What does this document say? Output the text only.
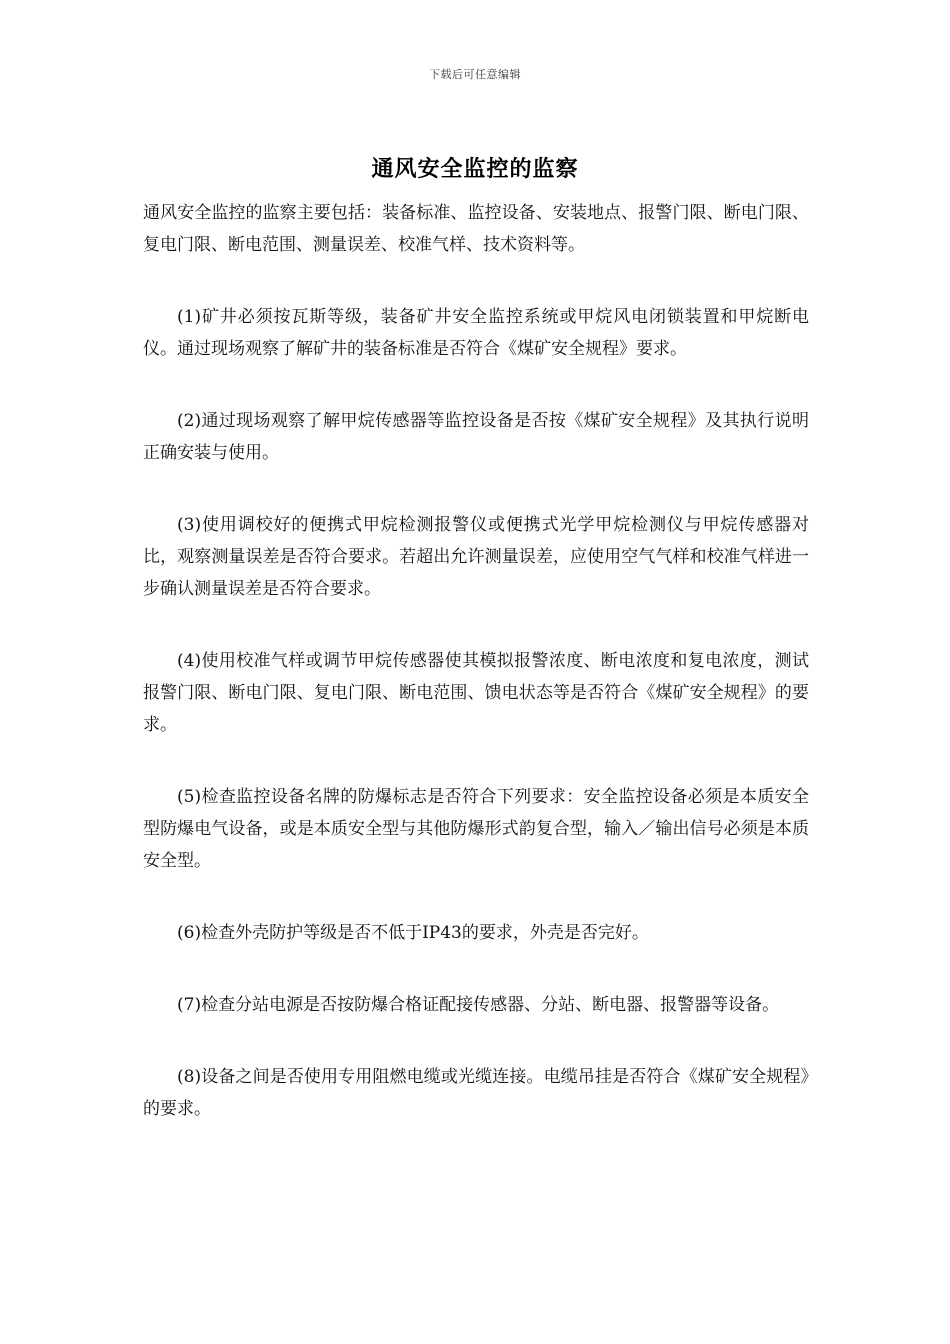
下载后可任意编辑
通风安全监控的监察

通风安全监控的监察主要包括：装备标准、监控设备、安装地点、报警门限、断电门限、复电门限、断电范围、测量误差、校准气样、技术资料等。

(1)矿井必须按瓦斯等级，装备矿井安全监控系统或甲烷风电闭锁装置和甲烷断电仪。通过现场观察了解矿井的装备标准是否符合《煤矿安全规程》要求。

(2)通过现场观察了解甲烷传感器等监控设备是否按《煤矿安全规程》及其执行说明正确安装与使用。

(3)使用调校好的便携式甲烷检测报警仪或便携式光学甲烷检测仪与甲烷传感器对比，观察测量误差是否符合要求。若超出允许测量误差，应使用空气气样和校准气样进一步确认测量误差是否符合要求。

(4)使用校准气样或调节甲烷传感器使其模拟报警浓度、断电浓度和复电浓度，测试报警门限、断电门限、复电门限、断电范围、馈电状态等是否符合《煤矿安全规程》的要求。

(5)检查监控设备名牌的防爆标志是否符合下列要求：安全监控设备必须是本质安全型防爆电气设备，或是本质安全型与其他防爆形式韵复合型，输入／输出信号必须是本质安全型。

(6)检查外壳防护等级是否不低于IP43的要求，外壳是否完好。

(7)检查分站电源是否按防爆合格证配接传感器、分站、断电器、报警器等设备。

(8)设备之间是否使用专用阻燃电缆或光缆连接。电缆吊挂是否符合《煤矿安全规程》的要求。
